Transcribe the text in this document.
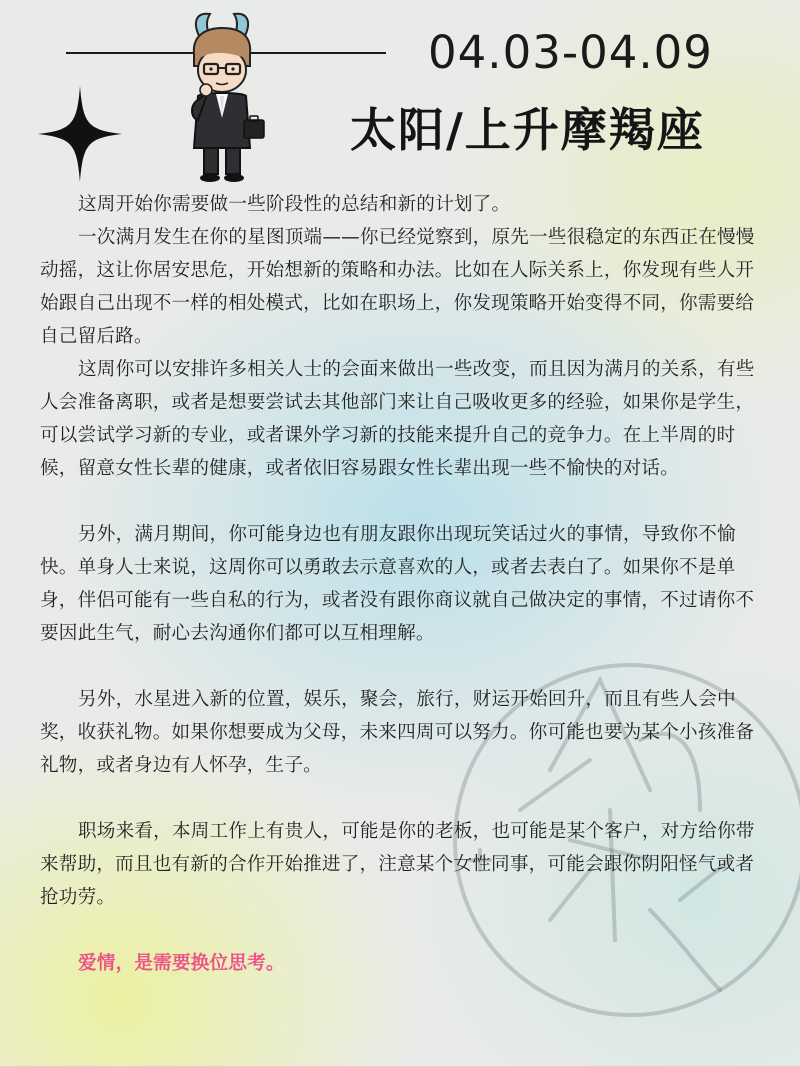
04.03-04.09
太阳/上升摩羯座

这周开始你需要做一些阶段性的总结和新的计划了。

一次满月发生在你的星图顶端——你已经觉察到，原先一些很稳定的东西正在慢慢动摇，这让你居安思危，开始想新的策略和办法。比如在人际关系上，你发现有些人开始跟自己出现不一样的相处模式，比如在职场上，你发现策略开始变得不同，你需要给自己留后路。

这周你可以安排许多相关人士的会面来做出一些改变，而且因为满月的关系，有些人会准备离职，或者是想要尝试去其他部门来让自己吸收更多的经验，如果你是学生，可以尝试学习新的专业，或者课外学习新的技能来提升自己的竞争力。在上半周的时候，留意女性长辈的健康，或者依旧容易跟女性长辈出现一些不愉快的对话。

另外，满月期间，你可能身边也有朋友跟你出现玩笑话过火的事情，导致你不愉快。单身人士来说，这周你可以勇敢去示意喜欢的人，或者去表白了。如果你不是单身，伴侣可能有一些自私的行为，或者没有跟你商议就自己做决定的事情，不过请你不要因此生气，耐心去沟通你们都可以互相理解。

另外，水星进入新的位置，娱乐，聚会，旅行，财运开始回升，而且有些人会中奖，收获礼物。如果你想要成为父母，未来四周可以努力。你可能也要为某个小孩准备礼物，或者身边有人怀孕，生子。

职场来看，本周工作上有贵人，可能是你的老板，也可能是某个客户，对方给你带来帮助，而且也有新的合作开始推进了，注意某个女性同事，可能会跟你阴阳怪气或者抢功劳。

爱情，是需要换位思考。
